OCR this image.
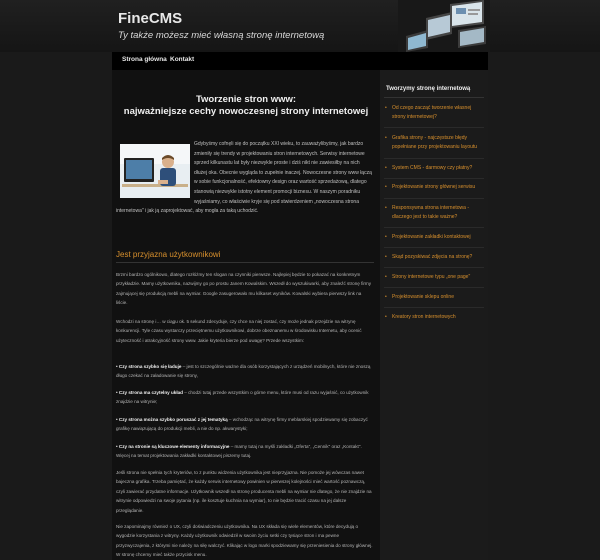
FineCMS
Ty także możesz mieć własną stronę internetową
Strona główna Kontakt
Tworzenie stron www:
najważniejsze cechy nowoczesnej strony internetowej
Gdybyśmy cofnęli się do początku XXI wieku, to zauważylibyśmy, jak bardzo zmieniły się trendy w projektowaniu stron internetowych. Serwisy internetowe sprzed kilkunastu lat były niezwykle proste i dziś nikt nie zawiesiłby na nich dłużej oka. Obecnie wygląda to zupełnie inaczej. Nowoczesne strony www łączą w sobie funkcjonalność, efektowny design oraz wartość sprzedażową, dlatego stanowią niezwykle istotny element promocji biznesu. W naszym poradniku wyjaśniamy, co właściwie kryje się pod stwierdzeniem „nowoczesna strona internetowa" i jak ją zaprojektować, aby mogła za taką uchodzić.
Jest przyjazna użytkownikowi
Brzmi bardzo ogólnikowo, dlatego rozłóżmy ten slogan na czynniki pierwsze. Najlepiej będzie to pokazać na konkretnym przykładzie. Mamy użytkownika, nazwijmy go po prostu Janem Kowalskim. Wszedł do wyszukiwarki, aby znaleźć stronę firmy zajmującej się produkcją mebli na wymiar. Google zasugerowało mu kilkaset wyników. Kowalski wybiera pierwszy link na liście.
Wchodzi na stronę i… w ciągu ok. 5 sekund zdecyduje, czy chce na niej zostać, czy może jednak przejdzie na witrynę konkurencji. Tyle czasu wystarczy przeciętnemu użytkownikowi, dobrze obeznanemu w środowisku Internetu, aby ocenić użyteczność i atrakcyjność strony www. Jakie kryteria bierze pod uwagę? Przede wszystkim:
• Czy strona szybko się ładuje – jest to szczególnie ważne dla osób korzystających z urządzeń mobilnych, które nie znoszą długo czekać na załadowanie się strony,
• Czy strona ma czytelny układ – chodzi tutaj przede wszystkim o górne menu, które musi od razu wyjaśnić, co użytkownik znajdzie na witrynie;
• Czy strona można szybko poruszać z jej tematyką – wchodząc na witrynę firmy meblarskiej spodziewamy się zobaczyć grafikę nawiązującą do produkcji mebli, a nie do np. akwarystyki;
• Czy na stronie są kluczowe elementy informacyjne – mamy tutaj na myśli zakładki „Oferta", „Cennik" oraz „Kontakt". Więcej na temat projektowania zakładki kontaktowej piszemy tutaj.
Jeśli strona nie spełnia tych kryteriów, to z punktu widzenia użytkownika jest nieprzyjazna. Nie pomoże jej wówczas nawet bajeczna grafika. Trzeba pamiętać, że każdy serwis internetowy powinien w pierwszej kolejności mieć wartość poznawczą, czyli zawierać przydatne informacje. Użytkownik wszedł na stronę producenta mebli na wymiar nie dlatego, że nie znajdzie na witrynie odpowiedzi na swoje pytania (np. ile kosztuje kuchnia na wymiar), to nie będzie tracić czasu na jej dalsze przeglądanie.
Nie zapominajmy również o UX, czyli doświadczeniu użytkownika. Na UX składa się wiele elementów, które decydują o wygodzie korzystania z witryny. Każdy użytkownik odwiedził w swoim życiu setki czy tysiące stron i ma pewne przyzwyczajenia, z którymi nie należy na siłę walczyć. Klikając w logo marki spodziewamy się przeniesienia do strony głównej. W stronę chcemy mieć także przycisk menu.
Tworzymy stronę internetową
• Od czego zacząć tworzenie własnej strony internetowej?
• Grafika strony - najczęstsze błędy popełniane przy projektowaniu layoutu
• System CMS - darmowy czy płatny?
• Projektowanie strony głównej serwisu
• Responsywna strona internetowa - dlaczego jest to takie ważne?
• Projektowanie zakładki kontaktowej
• Skąd pozyskiwać zdjęcia na stronę?
• Strony internetowe typu „one page"
• Projektowanie sklepu online
• Kreatory stron internetowych
